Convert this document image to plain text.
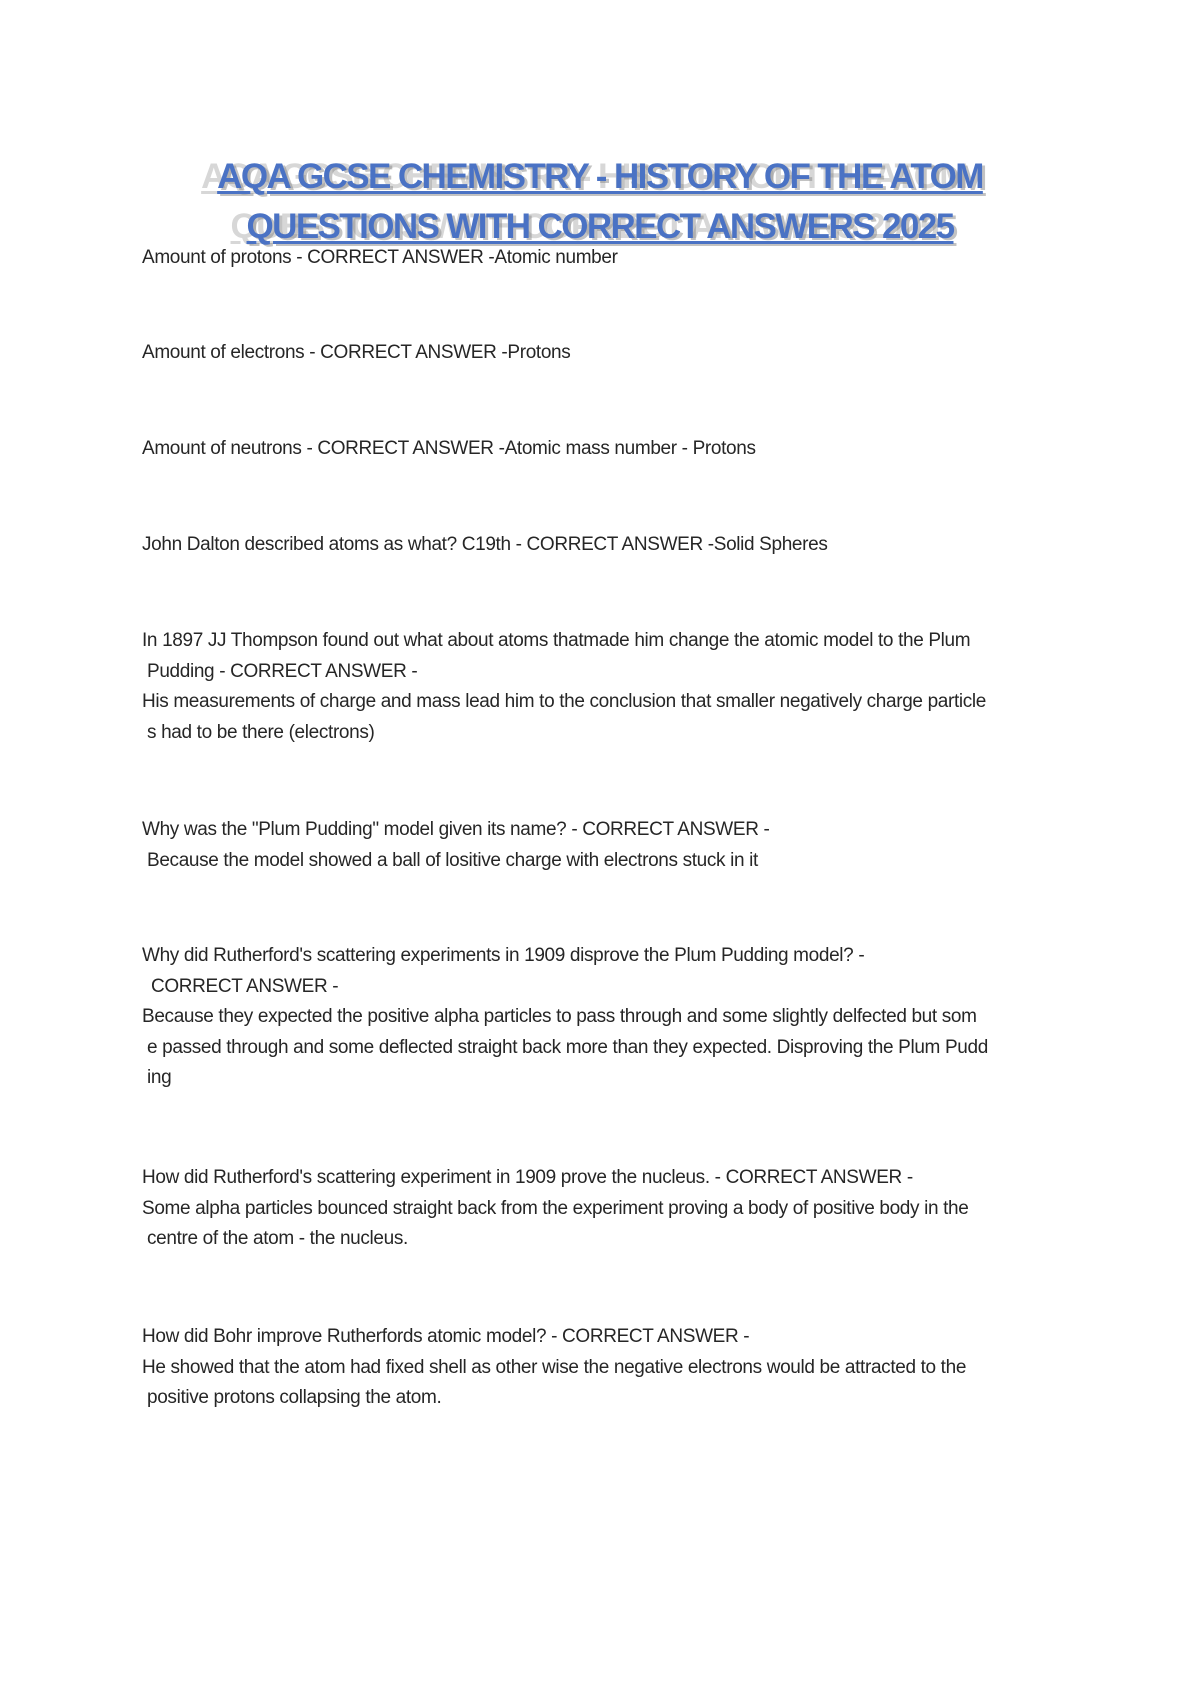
AQA GCSE CHEMISTRY - HISTORY OF THE ATOM
QUESTIONS WITH CORRECT ANSWERS 2025
Amount of protons - CORRECT ANSWER -Atomic number
Amount of electrons - CORRECT ANSWER -Protons
Amount of neutrons - CORRECT ANSWER -Atomic mass number - Protons
John Dalton described atoms as what? C19th - CORRECT ANSWER -Solid Spheres
In 1897 JJ Thompson found out what about atoms thatmade him change the atomic model to the Plum
Pudding - CORRECT ANSWER -
His measurements of charge and mass lead him to the conclusion that smaller negatively charge particle
s had to be there (electrons)
Why was the "Plum Pudding" model given its name? - CORRECT ANSWER -
Because the model showed a ball of lositive charge with electrons stuck in it
Why did Rutherford's scattering experiments in 1909 disprove the Plum Pudding model? -
CORRECT ANSWER -
Because they expected the positive alpha particles to pass through and some slightly delfected but som
e passed through and some deflected straight back more than they expected. Disproving the Plum Pudd
ing
How did Rutherford's scattering experiment in 1909 prove the nucleus. - CORRECT ANSWER -
Some alpha particles bounced straight back from the experiment proving a body of positive body in the
centre of the atom - the nucleus.
How did Bohr improve Rutherfords atomic model? - CORRECT ANSWER -
He showed that the atom had fixed shell as other wise the negative electrons would be attracted to the
positive protons collapsing the atom.
